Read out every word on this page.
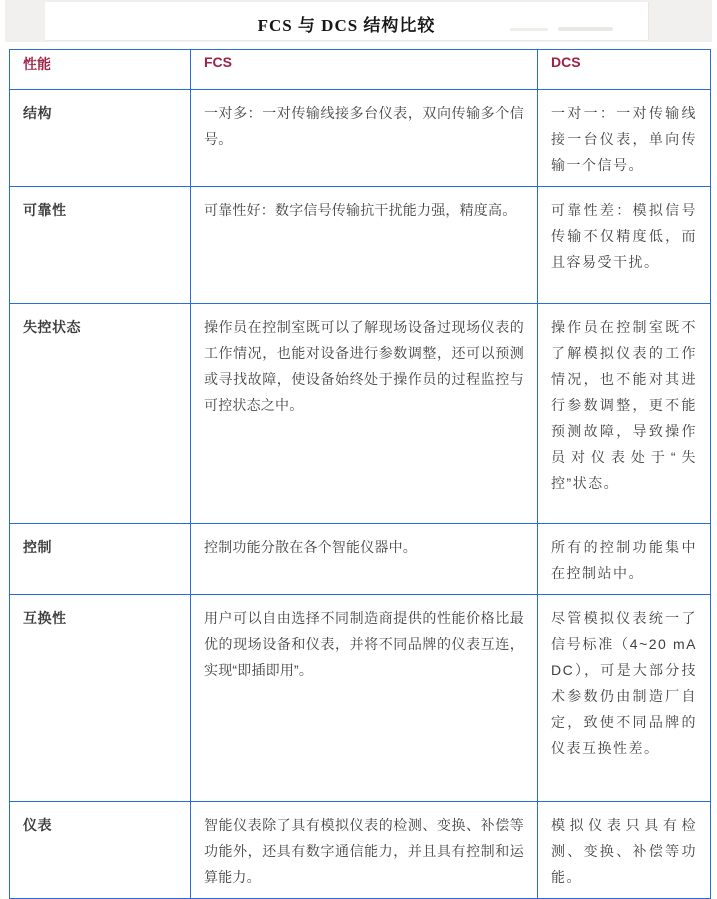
FCS 与 DCS 结构比较
性能	FCS	DCS
结构	一对多：一对传输线接多台仪表，双向传输多个信号。	一对一：一对传输线接一台仪表，单向传输一个信号。
可靠性	可靠性好：数字信号传输抗干扰能力强，精度高。	可靠性差：模拟信号传输不仅精度低，而且容易受干扰。
失控状态	操作员在控制室既可以了解现场设备过现场仪表的工作情况，也能对设备进行参数调整，还可以预测或寻找故障，使设备始终处于操作员的过程监控与可控状态之中。	操作员在控制室既不了解模拟仪表的工作情况，也不能对其进行参数调整，更不能预测故障，导致操作员对仪表处于“失控”状态。
控制	控制功能分散在各个智能仪器中。	所有的控制功能集中在控制站中。
互换性	用户可以自由选择不同制造商提供的性能价格比最优的现场设备和仪表，并将不同品牌的仪表互连，实现“即插即用”。	尽管模拟仪表统一了信号标准（4~20 mA DC），可是大部分技术参数仍由制造厂自定，致使不同品牌的仪表互换性差。
仪表	智能仪表除了具有模拟仪表的检测、变换、补偿等功能外，还具有数字通信能力，并且具有控制和运算能力。	模拟仪表只具有检测、变换、补偿等功能。
